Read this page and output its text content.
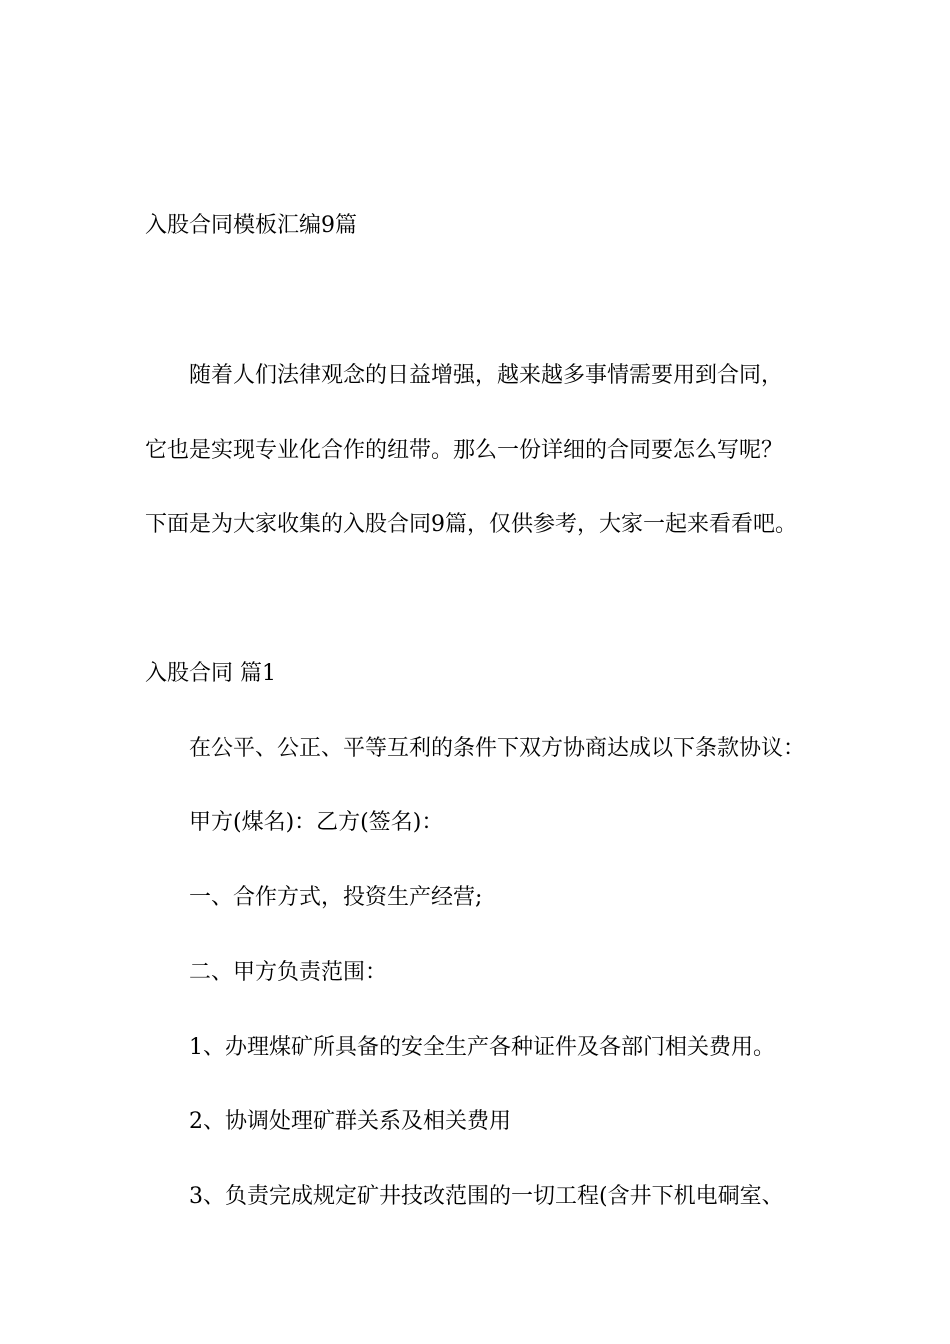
入股合同模板汇编9篇

随着人们法律观念的日益增强，越来越多事情需要用到合同，

它也是实现专业化合作的纽带。那么一份详细的合同要怎么写呢？

下面是为大家收集的入股合同9篇，仅供参考，大家一起来看看吧。

入股合同 篇1

在公平、公正、平等互利的条件下双方协商达成以下条款协议：

甲方(煤名)：乙方(签名)：

一、合作方式，投资生产经营;

二、甲方负责范围：

1、办理煤矿所具备的安全生产各种证件及各部门相关费用。

2、协调处理矿群关系及相关费用

3、负责完成规定矿井技改范围的一切工程(含井下机电硐室、
